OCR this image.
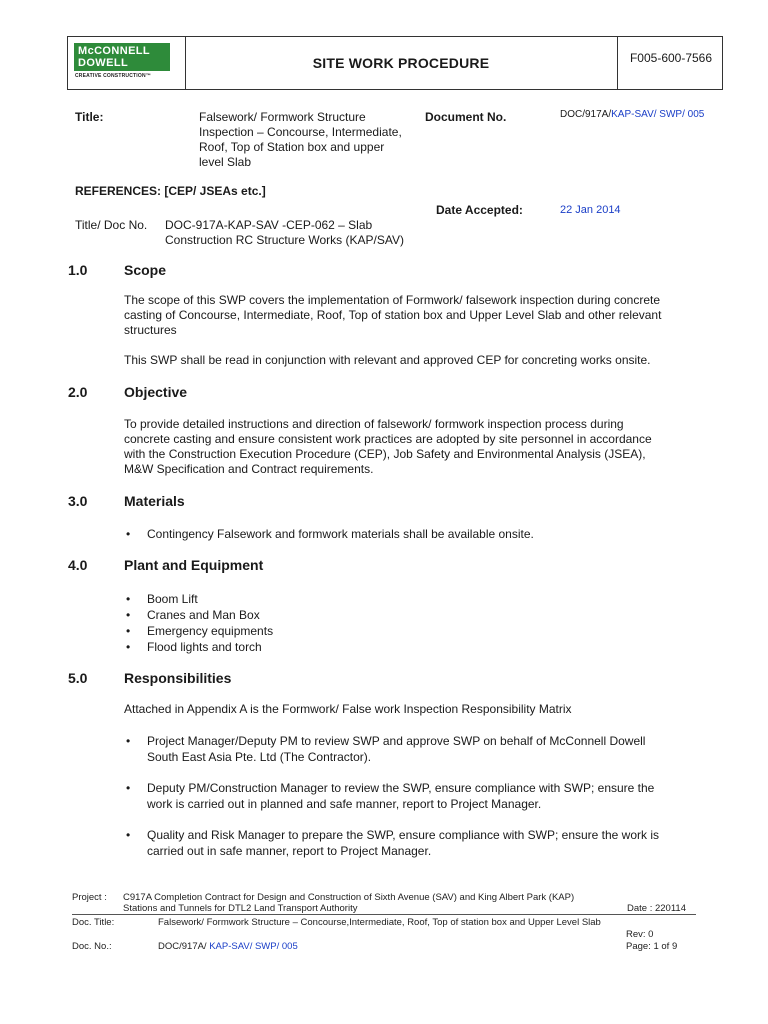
McCONNELL
DOWELL
CREATIVE CONSTRUCTION™
SITE WORK PROCEDURE	F005-600-7566
Title:	Falsework/ Formwork Structure
Inspection – Concourse, Intermediate,
Roof, Top of Station box and upper
level Slab
Document No.	DOC/917A/KAP-SAV/ SWP/ 005
REFERENCES: [CEP/ JSEAs etc.]
Date Accepted:	22 Jan 2014
Title/ Doc No. DOC-917A-KAP-SAV -CEP-062 – Slab
Construction RC Structure Works (KAP/SAV)
1.0	Scope
The scope of this SWP covers the implementation of Formwork/ falsework inspection during concrete
casting of Concourse, Intermediate, Roof, Top of station box and Upper Level Slab and other relevant
structures
This SWP shall be read in conjunction with relevant and approved CEP for concreting works onsite.
2.0	Objective
To provide detailed instructions and direction of falsework/ formwork inspection process during
concrete casting and ensure consistent work practices are adopted by site personnel in accordance
with the Construction Execution Procedure (CEP), Job Safety and Environmental Analysis (JSEA),
M&W Specification and Contract requirements.
3.0	Materials
• Contingency Falsework and formwork materials shall be available onsite.
4.0	Plant and Equipment
• Boom Lift
• Cranes and Man Box
• Emergency equipments
• Flood lights and torch
5.0	Responsibilities
Attached in Appendix A is the Formwork/ False work Inspection Responsibility Matrix
• Project Manager/Deputy PM to review SWP and approve SWP on behalf of McConnell Dowell
South East Asia Pte. Ltd (The Contractor).
• Deputy PM/Construction Manager to review the SWP, ensure compliance with SWP; ensure the
work is carried out in planned and safe manner, report to Project Manager.
• Quality and Risk Manager to prepare the SWP, ensure compliance with SWP; ensure the work is
carried out in safe manner, report to Project Manager.
Project : C917A Completion Contract for Design and Construction of Sixth Avenue (SAV) and King Albert Park (KAP)
Stations and Tunnels for DTL2 Land Transport Authority	Date : 220114
Doc. Title:	Falsework/ Formwork Structure – Concourse,Intermediate, Roof, Top of station box and Upper Level Slab
Rev: 0
Doc. No.:	DOC/917A/ KAP-SAV/ SWP/ 005	Page: 1 of 9
